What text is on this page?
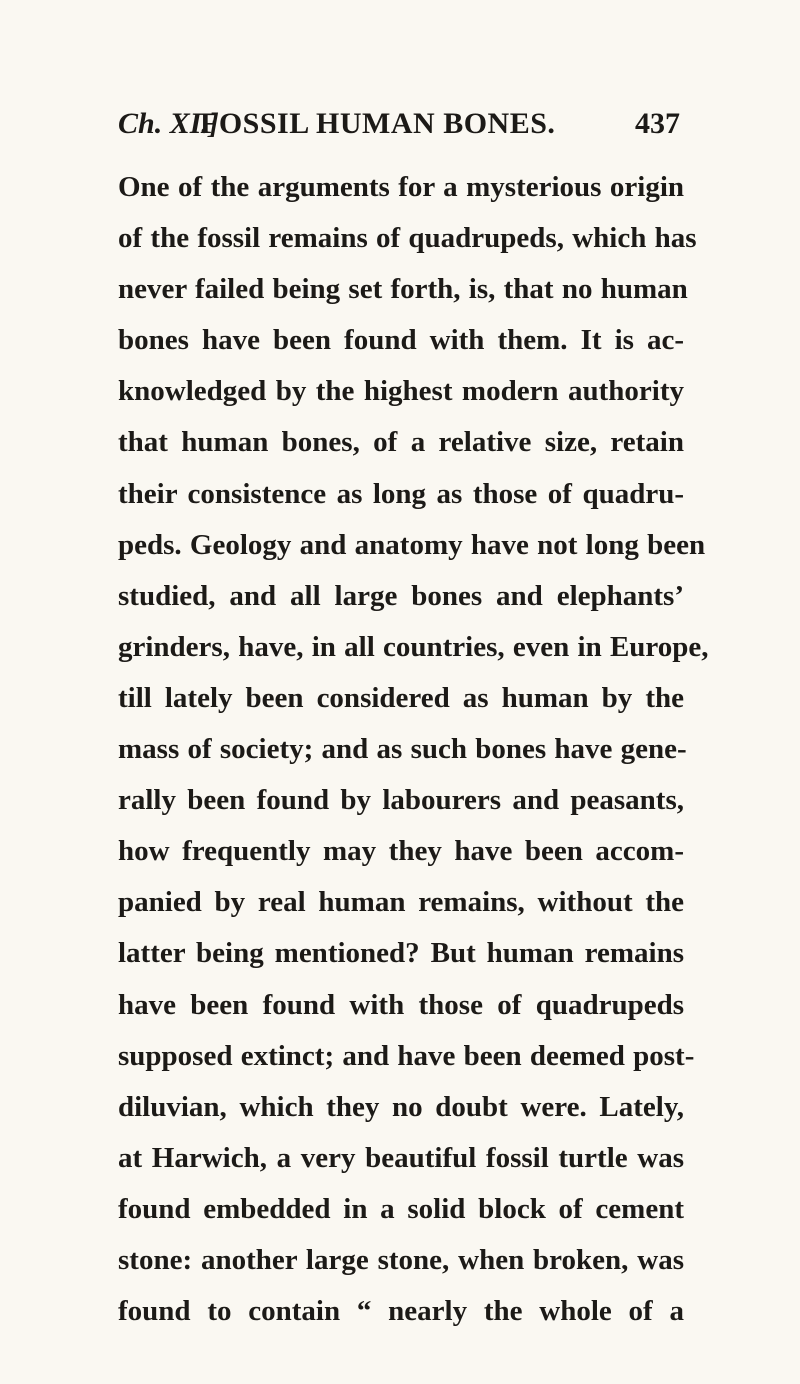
Ch. XI.]
FOSSIL HUMAN BONES.	437
One of the arguments for a mysterious origin
of the fossil remains of quadrupeds, which has
never failed being set forth, is, that no human
bones have been found with them. It is ac-
knowledged by the highest modern authority
that human bones, of a relative size, retain
their consistence as long as those of quadru-
peds. Geology and anatomy have not long been
studied, and all large bones and elephants’
grinders, have, in all countries, even in Europe,
till lately been considered as human by the
mass of society; and as such bones have gene-
rally been found by labourers and peasants,
how frequently may they have been accom-
panied by real human remains, without the
latter being mentioned? But human remains
have been found with those of quadrupeds
supposed extinct; and have been deemed post-
diluvian, which they no doubt were. Lately,
at Harwich, a very beautiful fossil turtle was
found embedded in a solid block of cement
stone: another large stone, when broken, was
found to contain “ nearly the whole of a
